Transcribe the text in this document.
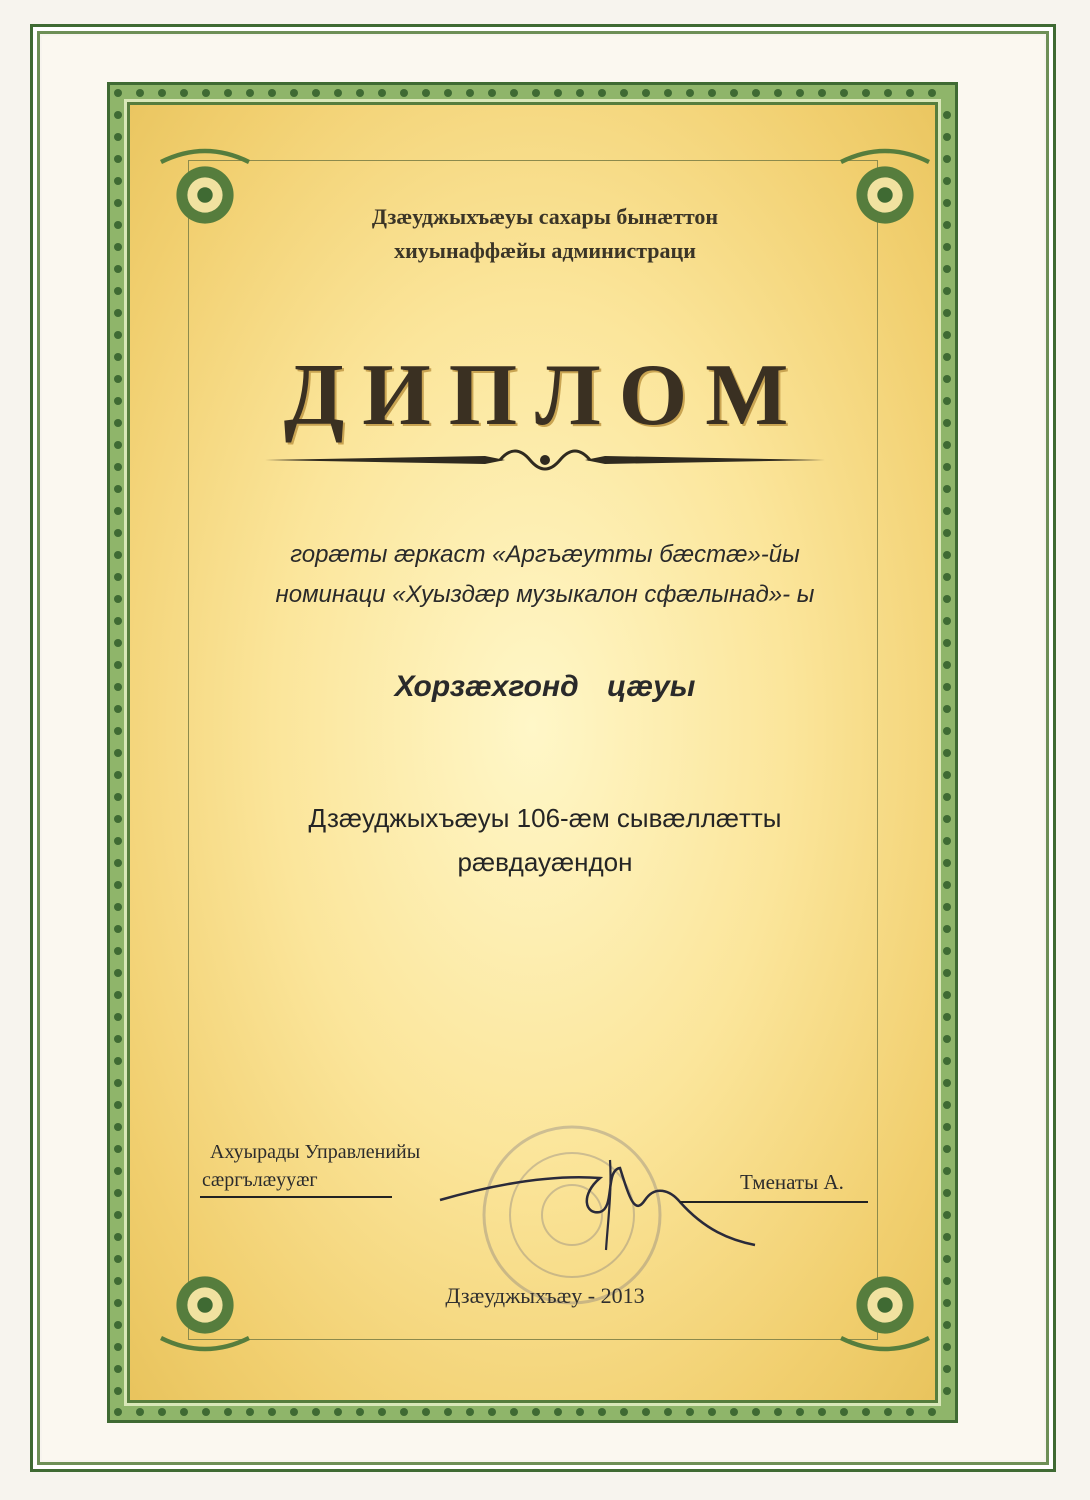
Дзæуджыхъæуы сахары бынæттон
хиуынаффæйы администраци
ДИПЛОМ
горæты æркаст «Аргъæутты бæстæ»-йы
номинаци «Хуыздæр музыкалон сфæлынад»- ы
Хорзæхгонд цæуы
Дзæуджыхъæуы 106-æм сывæллæтты
рæвдауæндон
Ахуырады Управленийы
сæргълæууæг	Тменаты А.
Дзæуджыхъæу - 2013
